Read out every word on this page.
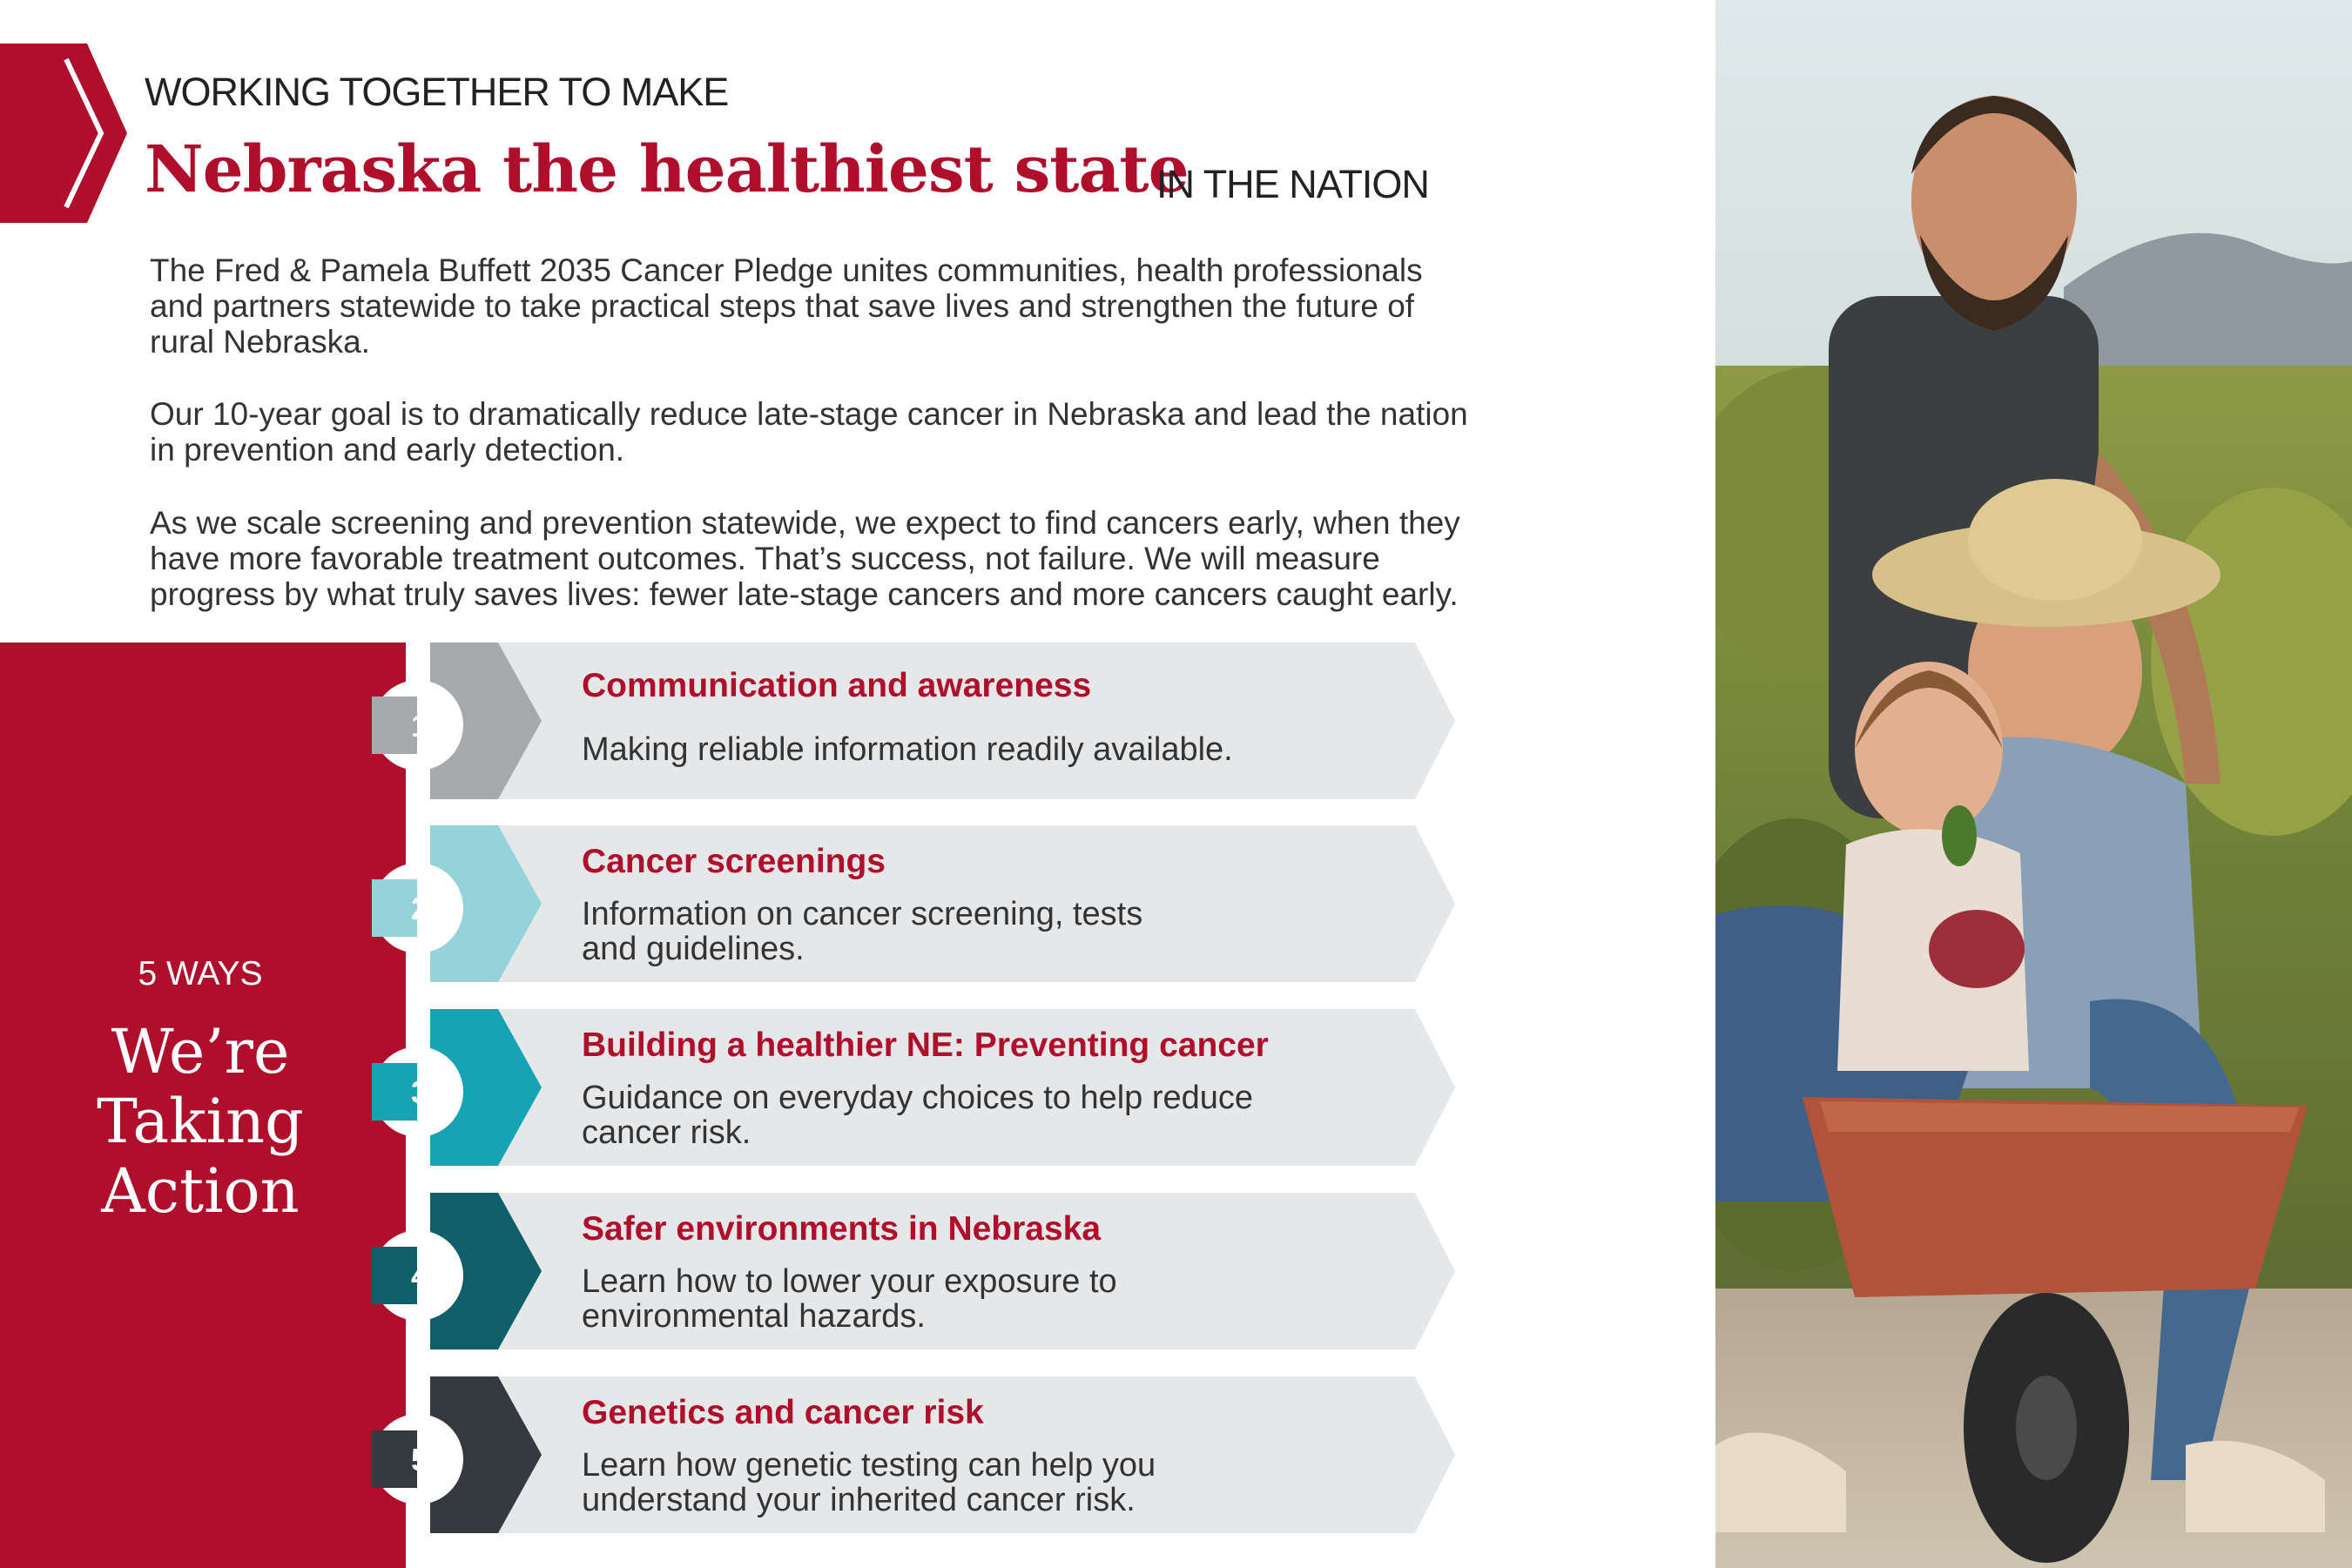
WORKING TOGETHER TO MAKE
Nebraska the healthiest state
IN THE NATION
The Fred & Pamela Buffett 2035 Cancer Pledge unites communities, health professionals
and partners statewide to take practical steps that save lives and strengthen the future of
rural Nebraska.
Our 10-year goal is to dramatically reduce late-stage cancer in Nebraska and lead the nation
in prevention and early detection.
As we scale screening and prevention statewide, we expect to find cancers early, when they
have more favorable treatment outcomes. That’s success, not failure. We will measure
progress by what truly saves lives: fewer late-stage cancers and more cancers caught early.
5 WAYS
We’re
Taking
Action
1
Communication and awareness
Making reliable information readily available.
2
Cancer screenings
Information on cancer screening, tests and guidelines.
3
Building a healthier NE: Preventing cancer
Guidance on everyday choices to help reduce cancer risk.
4
Safer environments in Nebraska
Learn how to lower your exposure to environmental hazards.
5
Genetics and cancer risk
Learn how genetic testing can help you understand your inherited cancer risk.
